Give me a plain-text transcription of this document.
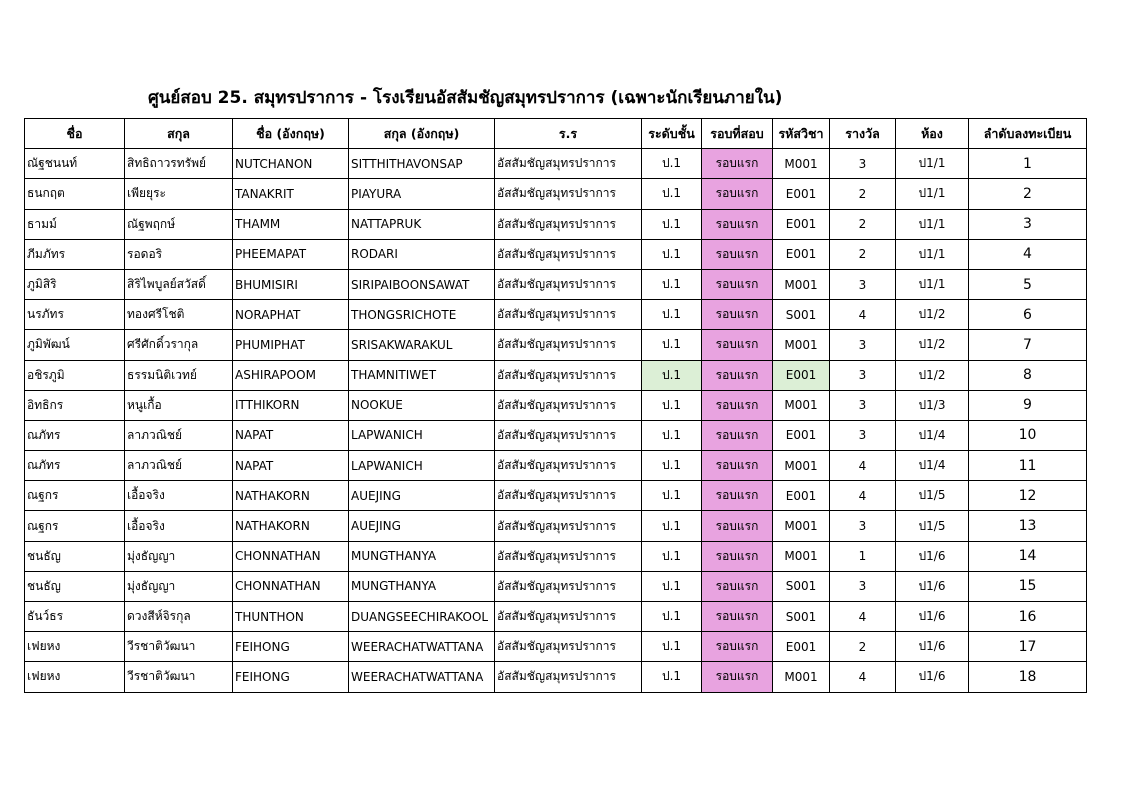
ศูนย์สอบ 25. สมุทรปราการ - โรงเรียนอัสสัมชัญสมุทรปราการ (เฉพาะนักเรียนภายใน)
ชื่อ	สกุล	ชื่อ (อังกฤษ)	สกุล (อังกฤษ)	ร.ร	ระดับชั้น	รอบที่สอบ	รหัสวิชา	รางวัล	ห้อง	ลำดับลงทะเบียน
ณัฐชนนท์	สิทธิถาวรทรัพย์	NUTCHANON	SITTHITHAVONSAP	อัสสัมชัญสมุทรปราการ	ป.1	รอบแรก	M001	3	ป1/1	1
ธนกฤต	เพียยุระ	TANAKRIT	PIAYURA	อัสสัมชัญสมุทรปราการ	ป.1	รอบแรก	E001	2	ป1/1	2
ธามม์	ณัฐพฤกษ์	THAMM	NATTAPRUK	อัสสัมชัญสมุทรปราการ	ป.1	รอบแรก	E001	2	ป1/1	3
ภีมภัทร	รอดอริ	PHEEMAPAT	RODARI	อัสสัมชัญสมุทรปราการ	ป.1	รอบแรก	E001	2	ป1/1	4
ภูมิสิริ	สิริไพบูลย์สวัสดิ์	BHUMISIRI	SIRIPAIBOONSAWAT	อัสสัมชัญสมุทรปราการ	ป.1	รอบแรก	M001	3	ป1/1	5
นรภัทร	ทองศรีโชติ	NORAPHAT	THONGSRICHOTE	อัสสัมชัญสมุทรปราการ	ป.1	รอบแรก	S001	4	ป1/2	6
ภูมิพัฒน์	ศรีศักดิ์วรากุล	PHUMIPHAT	SRISAKWARAKUL	อัสสัมชัญสมุทรปราการ	ป.1	รอบแรก	M001	3	ป1/2	7
อชิรภูมิ	ธรรมนิติเวทย์	ASHIRAPOOM	THAMNITIWET	อัสสัมชัญสมุทรปราการ	ป.1	รอบแรก	E001	3	ป1/2	8
อิทธิกร	หนูเกื้อ	ITTHIKORN	NOOKUE	อัสสัมชัญสมุทรปราการ	ป.1	รอบแรก	M001	3	ป1/3	9
ณภัทร	ลาภวณิชย์	NAPAT	LAPWANICH	อัสสัมชัญสมุทรปราการ	ป.1	รอบแรก	E001	3	ป1/4	10
ณภัทร	ลาภวณิชย์	NAPAT	LAPWANICH	อัสสัมชัญสมุทรปราการ	ป.1	รอบแรก	M001	4	ป1/4	11
ณฐกร	เอื้อจริง	NATHAKORN	AUEJING	อัสสัมชัญสมุทรปราการ	ป.1	รอบแรก	E001	4	ป1/5	12
ณฐกร	เอื้อจริง	NATHAKORN	AUEJING	อัสสัมชัญสมุทรปราการ	ป.1	รอบแรก	M001	3	ป1/5	13
ชนธัญ	มุ่งธัญญา	CHONNATHAN	MUNGTHANYA	อัสสัมชัญสมุทรปราการ	ป.1	รอบแรก	M001	1	ป1/6	14
ชนธัญ	มุ่งธัญญา	CHONNATHAN	MUNGTHANYA	อัสสัมชัญสมุทรปราการ	ป.1	รอบแรก	S001	3	ป1/6	15
ธันว์ธร	ดวงสีห์จิรกุล	THUNTHON	DUANGSEECHIRAKOOL	อัสสัมชัญสมุทรปราการ	ป.1	รอบแรก	S001	4	ป1/6	16
เฟยหง	วีรชาติวัฒนา	FEIHONG	WEERACHATWATTANA	อัสสัมชัญสมุทรปราการ	ป.1	รอบแรก	E001	2	ป1/6	17
เฟยหง	วีรชาติวัฒนา	FEIHONG	WEERACHATWATTANA	อัสสัมชัญสมุทรปราการ	ป.1	รอบแรก	M001	4	ป1/6	18
